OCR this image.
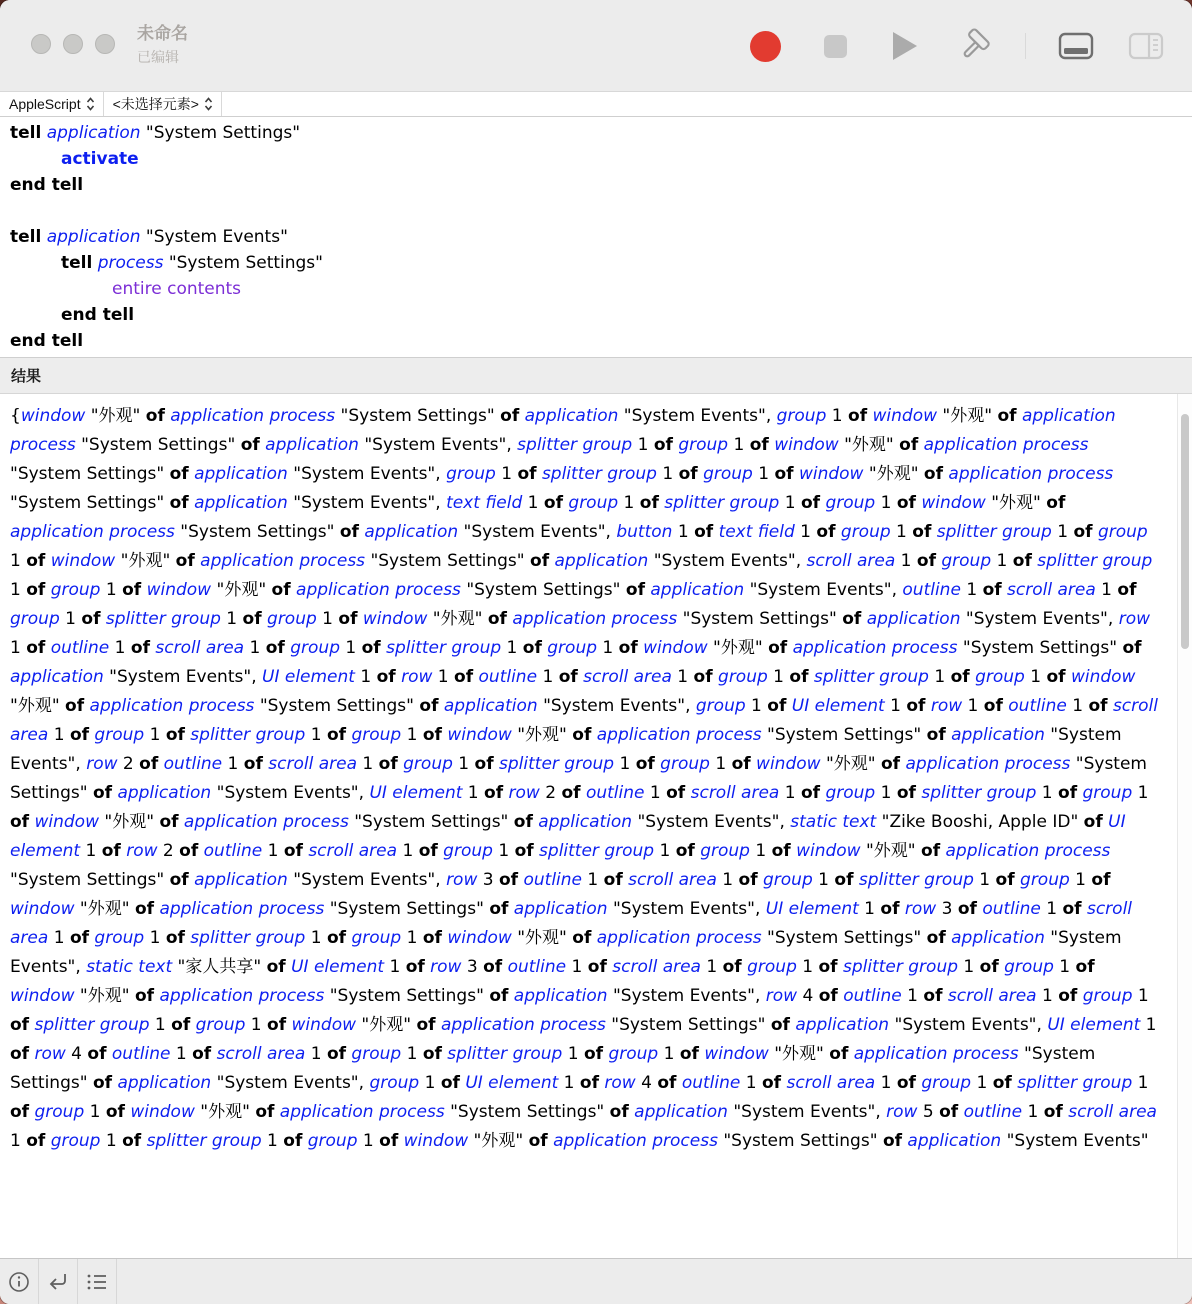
未命名
已编辑
AppleScript <未选择元素>
tell application "System Settings"
activate
end tell

tell application "System Events"
tell process "System Settings"
entire contents
end tell
end tell
结果
{window "外观" of application process "System Settings" of application "System Events", group 1 of window "外观" of application process "System Settings" of application "System Events", splitter group 1 of group 1 of window "外观" of application process "System Settings" of application "System Events", group 1 of splitter group 1 of group 1 of window "外观" of application process "System Settings" of application "System Events", text field 1 of group 1 of splitter group 1 of group 1 of window "外观" of application process "System Settings" of application "System Events", button 1 of text field 1 of group 1 of splitter group 1 of group 1 of window "外观" of application process "System Settings" of application "System Events", scroll area 1 of group 1 of splitter group 1 of group 1 of window "外观" of application process "System Settings" of application "System Events", outline 1 of scroll area 1 of group 1 of splitter group 1 of group 1 of window "外观" of application process "System Settings" of application "System Events", row 1 of outline 1 of scroll area 1 of group 1 of splitter group 1 of group 1 of window "外观" of application process "System Settings" of application "System Events", UI element 1 of row 1 of outline 1 of scroll area 1 of group 1 of splitter group 1 of group 1 of window "外观" of application process "System Settings" of application "System Events", group 1 of UI element 1 of row 1 of outline 1 of scroll area 1 of group 1 of splitter group 1 of group 1 of window "外观" of application process "System Settings" of application "System Events", row 2 of outline 1 of scroll area 1 of group 1 of splitter group 1 of group 1 of window "外观" of application process "System Settings" of application "System Events", UI element 1 of row 2 of outline 1 of scroll area 1 of group 1 of splitter group 1 of group 1 of window "外观" of application process "System Settings" of application "System Events", static text "Zike Booshi, Apple ID" of UI element 1 of row 2 of outline 1 of scroll area 1 of group 1 of splitter group 1 of group 1 of window "外观" of application process "System Settings" of application "System Events", row 3 of outline 1 of scroll area 1 of group 1 of splitter group 1 of group 1 of window "外观" of application process "System Settings" of application "System Events", UI element 1 of row 3 of outline 1 of scroll area 1 of group 1 of splitter group 1 of group 1 of window "外观" of application process "System Settings" of application "System Events", static text "家人共享" of UI element 1 of row 3 of outline 1 of scroll area 1 of group 1 of splitter group 1 of group 1 of window "外观" of application process "System Settings" of application "System Events", row 4 of outline 1 of scroll area 1 of group 1 of splitter group 1 of group 1 of window "外观" of application process "System Settings" of application "System Events", UI element 1 of row 4 of outline 1 of scroll area 1 of group 1 of splitter group 1 of group 1 of window "外观" of application process "System Settings" of application "System Events", group 1 of UI element 1 of row 4 of outline 1 of scroll area 1 of group 1 of splitter group 1 of group 1 of window "外观" of application process "System Settings" of application "System Events", row 5 of outline 1 of scroll area 1 of group 1 of splitter group 1 of group 1 of window "外观" of application process "System Settings" of application "System Events"
